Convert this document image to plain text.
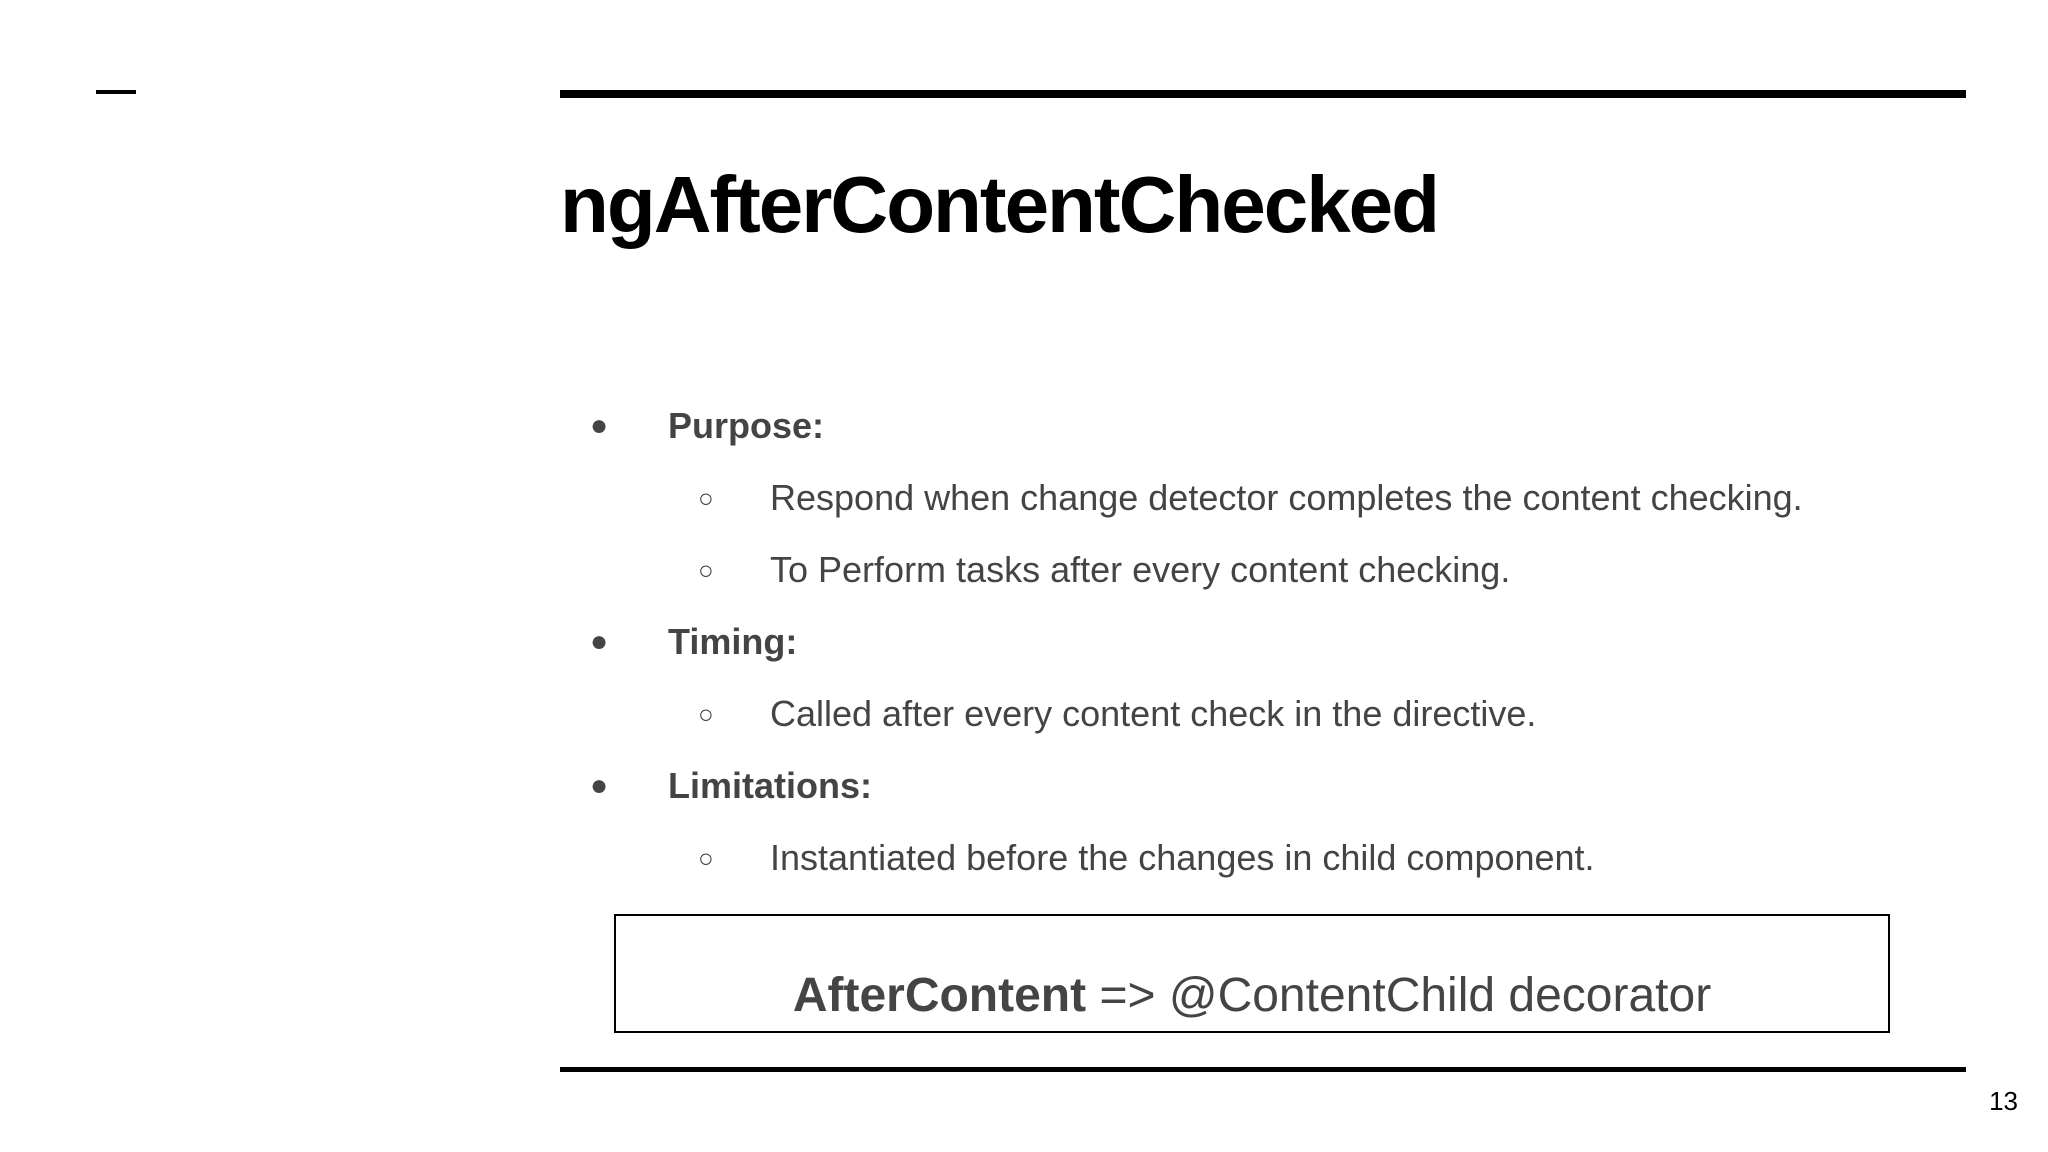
ngAfterContentChecked
● Purpose:
○ Respond when change detector completes the content checking.
○ To Perform tasks after every content checking.
● Timing:
○ Called after every content check in the directive.
● Limitations:
○ Instantiated before the changes in child component.
AfterContent => @ContentChild decorator
13
